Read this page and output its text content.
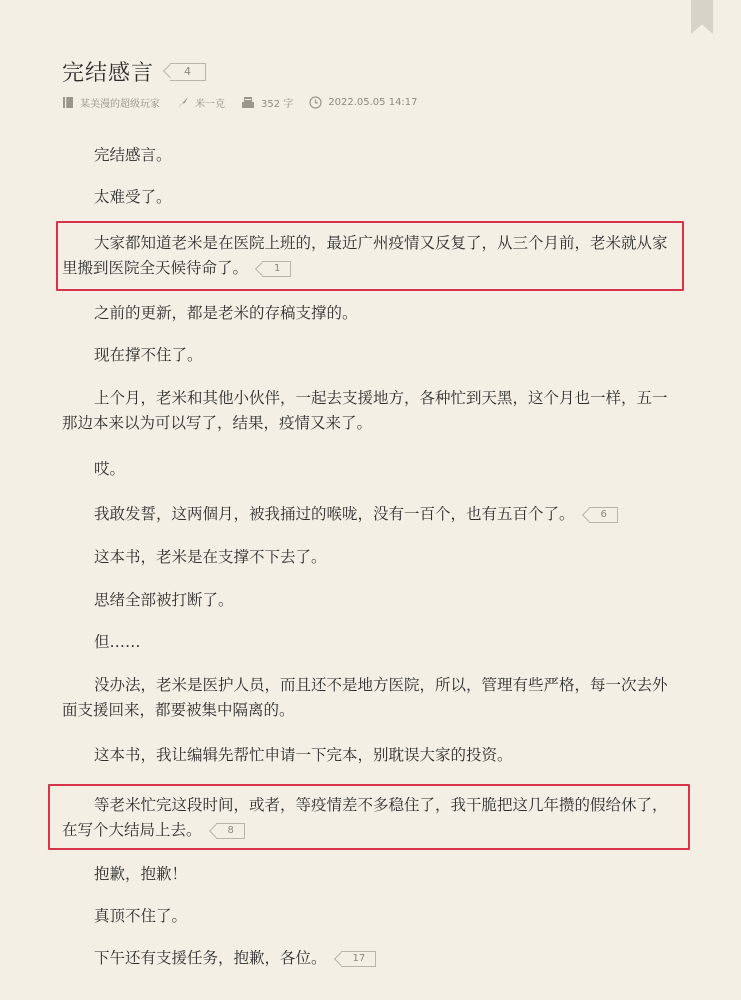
完结感言	4
某美漫的超级玩家	米一克	352 字	2022.05.05 14:17
完结感言。
太难受了。
大家都知道老米是在医院上班的，最近广州疫情又反复了，从三个月前，老米就从家里搬到医院全天候待命了。	1
之前的更新，都是老米的存稿支撑的。
现在撑不住了。
上个月，老米和其他小伙伴，一起去支援地方，各种忙到天黑，这个月也一样，五一那边本来以为可以写了，结果，疫情又来了。
哎。
我敢发誓，这两個月，被我捅过的喉咙，没有一百个，也有五百个了。	6
这本书，老米是在支撑不下去了。
思绪全部被打断了。
但……
没办法，老米是医护人员，而且还不是地方医院，所以，管理有些严格，每一次去外面支援回来，都要被集中隔离的。
这本书，我让编辑先帮忙申请一下完本，别耽误大家的投资。
等老米忙完这段时间，或者，等疫情差不多稳住了，我干脆把这几年攒的假给休了，在写个大结局上去。	8
抱歉，抱歉！
真顶不住了。
下午还有支援任务，抱歉，各位。	17
